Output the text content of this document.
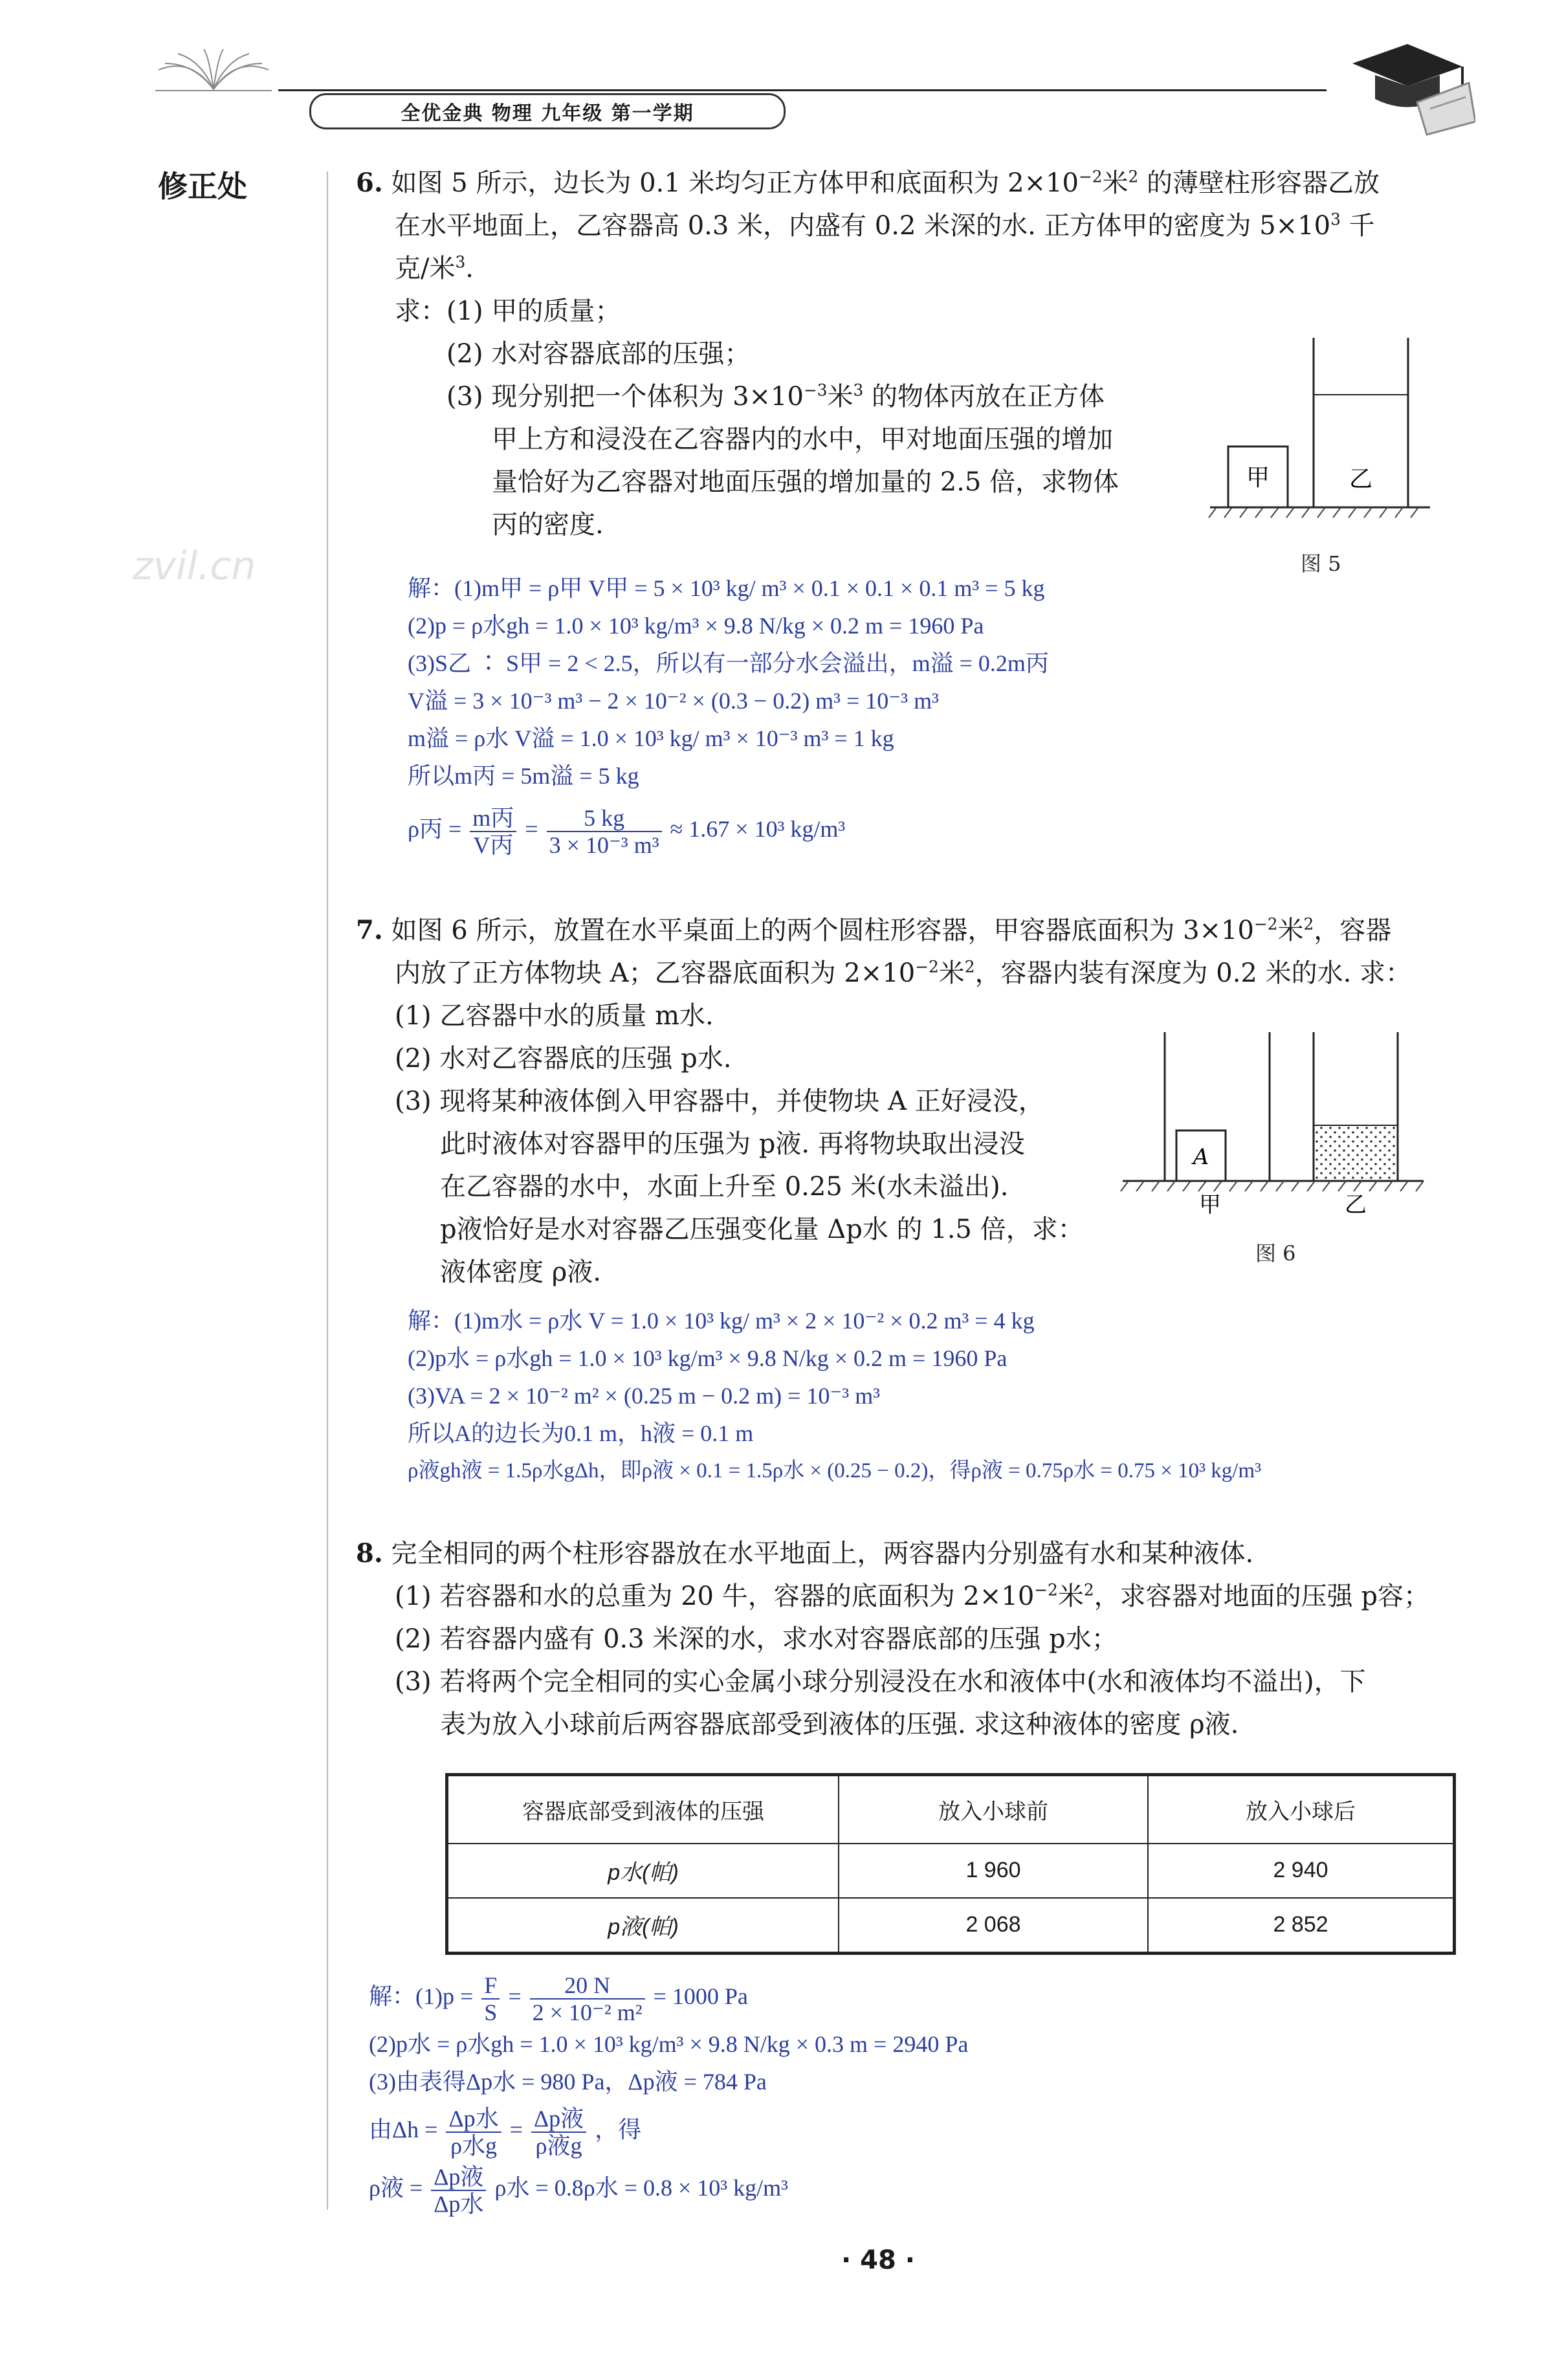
全优金典 物理 九年级 第一学期
zvil.cn
修正处	6. 如图 5 所示，边长为 0.1 米均匀正方体甲和底面积为 $2\times 10^{-2}$米$^2$ 的薄壁柱形容器乙放
在水平地面上，乙容器高 0.3 米，内盛有 0.2 米深的水. 正方体甲的密度为 $5\times 10^3$ 千
克/米$^3$.
求：(1) 甲的质量；
(2) 水对容器底部的压强；
(3) 现分别把一个体积为 $3\times 10^{-3}$米$^3$ 的物体丙放在正方体
甲上方和浸没在乙容器内的水中，甲对地面压强的增加
量恰好为乙容器对地面压强的增加量的 2.5 倍，求物体
丙的密度.
甲	乙
图 5
解：(1)m甲 = ρ甲 V甲 = 5 × 10³ kg/ m³ × 0.1 × 0.1 × 0.1 m³ = 5 kg
(2)p = ρ水gh = 1.0 × 10³ kg/m³ × 9.8 N/kg × 0.2 m = 1960 Pa
(3)S乙 ∶ S甲 = 2 < 2.5，所以有一部分水会溢出，m溢 = 0.2m丙
V溢 = 3 × 10⁻³ m³ − 2 × 10⁻² × (0.3 − 0.2) m³ = 10⁻³ m³
m溢 = ρ水 V溢 = 1.0 × 10³ kg/ m³ × 10⁻³ m³ = 1 kg
所以m丙 = 5m溢 = 5 kg
ρ丙 = $\frac{\text{m丙}}{\text{V丙}} = \frac{5 kg}{\text{3 × 10⁻³ m³}} \approx 1.67 \times 10^3$ kg/m³
7. 如图 6 所示，放置在水平桌面上的两个圆柱形容器，甲容器底面积为 $3\times 10^{-2}$米$^2$，容器
内放了正方体物块 A；乙容器底面积为 $2\times 10^{-2}$米$^2$，容器内装有深度为 0.2 米的水. 求：
(1) 乙容器中水的质量 m水.
(2) 水对乙容器底的压强 p水.
(3) 现将某种液体倒入甲容器中，并使物块 A 正好浸没，
此时液体对容器甲的压强为 p液. 再将物块取出浸没
在乙容器的水中，水面上升至 0.25 米(水未溢出).
p液恰好是水对容器乙压强变化量 Δp水 的 1.5 倍，求：
液体密度 ρ液.
A
甲	乙
图 6
解：(1)m水 = ρ水 V = 1.0 × 10³ kg/ m³ × 2 × 10⁻² × 0.2 m³ = 4 kg
(2)p水 = ρ水gh = 1.0 × 10³ kg/m³ × 9.8 N/kg × 0.2 m = 1960 Pa
(3)VA = 2 × 10⁻² m² × (0.25 m − 0.2 m) = 10⁻³ m³
所以A的边长为0.1 m，h液 = 0.1 m
ρ液gh液 = 1.5ρ水gΔh，即ρ液 × 0.1 = 1.5ρ水 × (0.25 − 0.2)，得ρ液 = 0.75ρ水 = 0.75 × 10³ kg/m³
8. 完全相同的两个柱形容器放在水平地面上，两容器内分别盛有水和某种液体.
(1) 若容器和水的总重为 20 牛，容器的底面积为 $2\times 10^{-2}$米$^2$，求容器对地面的压强 p容；
(2) 若容器内盛有 0.3 米深的水，求水对容器底部的压强 p水；
(3) 若将两个完全相同的实心金属小球分别浸没在水和液体中(水和液体均不溢出)，下
表为放入小球前后两容器底部受到液体的压强. 求这种液体的密度 ρ液.
容器底部受到液体的压强	放入小球前	放入小球后
p水(帕)	1 960	2 940
p液(帕)	2 068	2 852
解：$(1)p = \frac{F}{S} = \frac{20 N}{\text{2 × 10⁻² m²}} = 1000$ Pa
(2)p水 = ρ水gh = 1.0 × 10³ kg/m³ × 9.8 N/kg × 0.3 m = 2940 Pa
(3)由表得Δp水 = 980 Pa，Δp液 = 784 Pa
由$\Delta h = \frac{\text{Δp水}}{\text{ρ水g}} = \frac{\text{Δp液}}{\text{ρ液g}}$ ，得
ρ液 = $\frac{\text{Δp液}}{\text{Δp水}}$ ρ水 = 0.8ρ水 = 0.8 × 10³ kg/m³
· 48 ·
